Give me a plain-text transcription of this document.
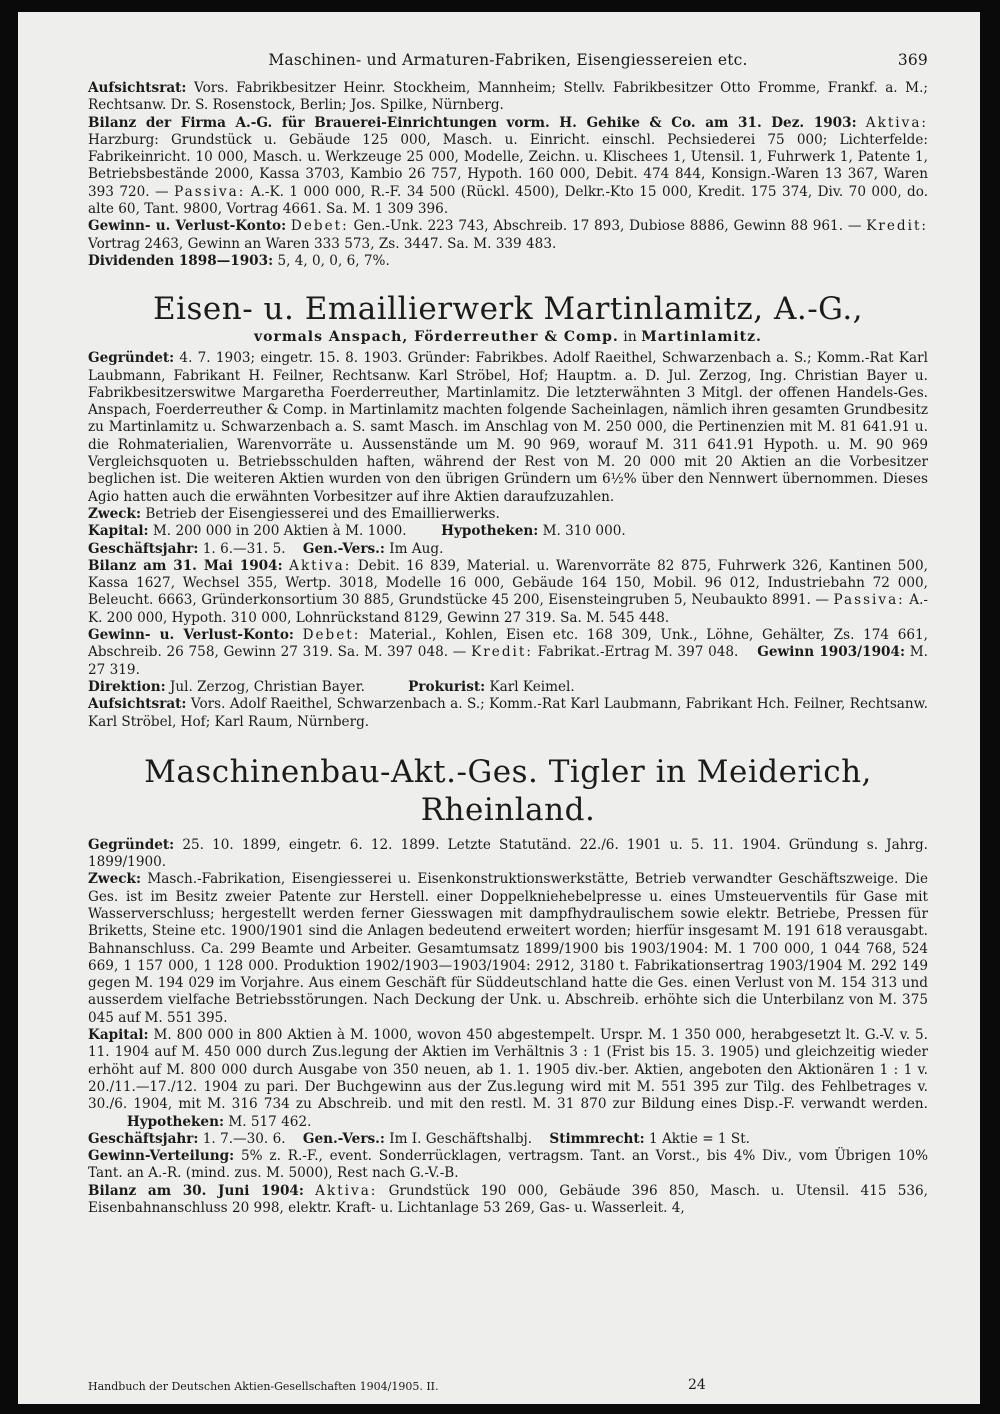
Maschinen- und Armaturen-Fabriken, Eisengiessereien etc.	369

Aufsichtsrat: Vors. Fabrikbesitzer Heinr. Stockheim, Mannheim; Stellv. Fabrikbesitzer Otto Fromme, Frankf. a. M.; Rechtsanw. Dr. S. Rosenstock, Berlin; Jos. Spilke, Nürnberg.

Bilanz der Firma A.-G. für Brauerei-Einrichtungen vorm. H. Gehike & Co. am 31. Dez. 1903: Aktiva: Harzburg: Grundstück u. Gebäude 125 000, Masch. u. Einricht. einschl. Pechsiederei 75 000; Lichterfelde: Fabrikeinricht. 10 000, Masch. u. Werkzeuge 25 000, Modelle, Zeichn. u. Klischees 1, Utensil. 1, Fuhrwerk 1, Patente 1, Betriebsbestände 2000, Kassa 3703, Kambio 26 757, Hypoth. 160 000, Debit. 474 844, Konsign.-Waren 13 367, Waren 393 720. — Passiva: A.-K. 1 000 000, R.-F. 34 500 (Rückl. 4500), Delkr.-Kto 15 000, Kredit. 175 374, Div. 70 000, do. alte 60, Tant. 9800, Vortrag 4661. Sa. M. 1 309 396.

Gewinn- u. Verlust-Konto: Debet: Gen.-Unk. 223 743, Abschreib. 17 893, Dubiose 8886, Gewinn 88 961. — Kredit: Vortrag 2463, Gewinn an Waren 333 573, Zs. 3447. Sa. M. 339 483.

Dividenden 1898—1903: 5, 4, 0, 0, 6, 7%.

Eisen- u. Emaillierwerk Martinlamitz, A.-G.,
vormals Anspach, Förderreuther & Comp. in Martinlamitz.

Gegründet: 4. 7. 1903; eingetr. 15. 8. 1903. Gründer: Fabrikbes. Adolf Raeithel, Schwarzenbach a. S.; Komm.-Rat Karl Laubmann, Fabrikant H. Feilner, Rechtsanw. Karl Ströbel, Hof; Hauptm. a. D. Jul. Zerzog, Ing. Christian Bayer u. Fabrikbesitzerswitwe Margaretha Foerderreuther, Martinlamitz. Die letzterwähnten 3 Mitgl. der offenen Handels-Ges. Anspach, Foerderreuther & Comp. in Martinlamitz machten folgende Sacheinlagen, nämlich ihren gesamten Grundbesitz zu Martinlamitz u. Schwarzenbach a. S. samt Masch. im Anschlag von M. 250 000, die Pertinenzien mit M. 81 641.91 u. die Rohmaterialien, Warenvorräte u. Aussenstände um M. 90 969, worauf M. 311 641.91 Hypoth. u. M. 90 969 Vergleichsquoten u. Betriebsschulden haften, während der Rest von M. 20 000 mit 20 Aktien an die Vorbesitzer beglichen ist. Die weiteren Aktien wurden von den übrigen Gründern um 6½% über den Nennwert übernommen. Dieses Agio hatten auch die erwähnten Vorbesitzer auf ihre Aktien daraufzuzahlen.

Zweck: Betrieb der Eisengiesserei und des Emaillierwerks.

Kapital: M. 200 000 in 200 Aktien à M. 1000.	Hypotheken: M. 310 000.

Geschäftsjahr: 1. 6.—31. 5. Gen.-Vers.: Im Aug.

Bilanz am 31. Mai 1904: Aktiva: Debit. 16 839, Material. u. Warenvorräte 82 875, Fuhrwerk 326, Kantinen 500, Kassa 1627, Wechsel 355, Wertp. 3018, Modelle 16 000, Gebäude 164 150, Mobil. 96 012, Industriebahn 72 000, Beleucht. 6663, Gründerkonsortium 30 885, Grundstücke 45 200, Eisensteingruben 5, Neubaukto 8991. — Passiva: A.-K. 200 000, Hypoth. 310 000, Lohnrückstand 8129, Gewinn 27 319. Sa. M. 545 448.

Gewinn- u. Verlust-Konto: Debet: Material., Kohlen, Eisen etc. 168 309, Unk., Löhne, Gehälter, Zs. 174 661, Abschreib. 26 758, Gewinn 27 319. Sa. M. 397 048. — Kredit: Fabrikat.-Ertrag M. 397 048. Gewinn 1903/1904: M. 27 319.

Direktion: Jul. Zerzog, Christian Bayer.	Prokurist: Karl Keimel.

Aufsichtsrat: Vors. Adolf Raeithel, Schwarzenbach a. S.; Komm.-Rat Karl Laubmann, Fabrikant Hch. Feilner, Rechtsanw. Karl Ströbel, Hof; Karl Raum, Nürnberg.

Maschinenbau-Akt.-Ges. Tigler in Meiderich, Rheinland.

Gegründet: 25. 10. 1899, eingetr. 6. 12. 1899. Letzte Statutänd. 22./6. 1901 u. 5. 11. 1904. Gründung s. Jahrg. 1899/1900.

Zweck: Masch.-Fabrikation, Eisengiesserei u. Eisenkonstruktionswerkstätte, Betrieb verwandter Geschäftszweige. Die Ges. ist im Besitz zweier Patente zur Herstell. einer Doppelkniehebelpresse u. eines Umsteuerventils für Gase mit Wasserverschluss; hergestellt werden ferner Giesswagen mit dampfhydraulischem sowie elektr. Betriebe, Pressen für Briketts, Steine etc. 1900/1901 sind die Anlagen bedeutend erweitert worden; hierfür insgesamt M. 191 618 verausgabt. Bahnanschluss. Ca. 299 Beamte und Arbeiter. Gesamtumsatz 1899/1900 bis 1903/1904: M. 1 700 000, 1 044 768, 524 669, 1 157 000, 1 128 000. Produktion 1902/1903—1903/1904: 2912, 3180 t. Fabrikationsertrag 1903/1904 M. 292 149 gegen M. 194 029 im Vorjahre. Aus einem Geschäft für Süddeutschland hatte die Ges. einen Verlust von M. 154 313 und ausserdem vielfache Betriebsstörungen. Nach Deckung der Unk. u. Abschreib. erhöhte sich die Unterbilanz von M. 375 045 auf M. 551 395.

Kapital: M. 800 000 in 800 Aktien à M. 1000, wovon 450 abgestempelt. Urspr. M. 1 350 000, herabgesetzt lt. G.-V. v. 5. 11. 1904 auf M. 450 000 durch Zus.legung der Aktien im Verhältnis 3 : 1 (Frist bis 15. 3. 1905) und gleichzeitig wieder erhöht auf M. 800 000 durch Ausgabe von 350 neuen, ab 1. 1. 1905 div.-ber. Aktien, angeboten den Aktionären 1 : 1 v. 20./11.—17./12. 1904 zu pari. Der Buchgewinn aus der Zus.legung wird mit M. 551 395 zur Tilg. des Fehlbetrages v. 30./6. 1904, mit M. 316 734 zu Abschreib. und mit den restl. M. 31 870 zur Bildung eines Disp.-F. verwandt werden.          Hypotheken: M. 517 462.

Geschäftsjahr: 1. 7.—30. 6. Gen.-Vers.: Im I. Geschäftshalbj. Stimmrecht: 1 Aktie = 1 St.

Gewinn-Verteilung: 5% z. R.-F., event. Sonderrücklagen, vertragsm. Tant. an Vorst., bis 4% Div., vom Übrigen 10% Tant. an A.-R. (mind. zus. M. 5000), Rest nach G.-V.-B.

Bilanz am 30. Juni 1904: Aktiva: Grundstück 190 000, Gebäude 396 850, Masch. u. Utensil. 415 536, Eisenbahnanschluss 20 998, elektr. Kraft- u. Lichtanlage 53 269, Gas- u. Wasserleit. 4,

Handbuch der Deutschen Aktien-Gesellschaften 1904/1905. II.	24
